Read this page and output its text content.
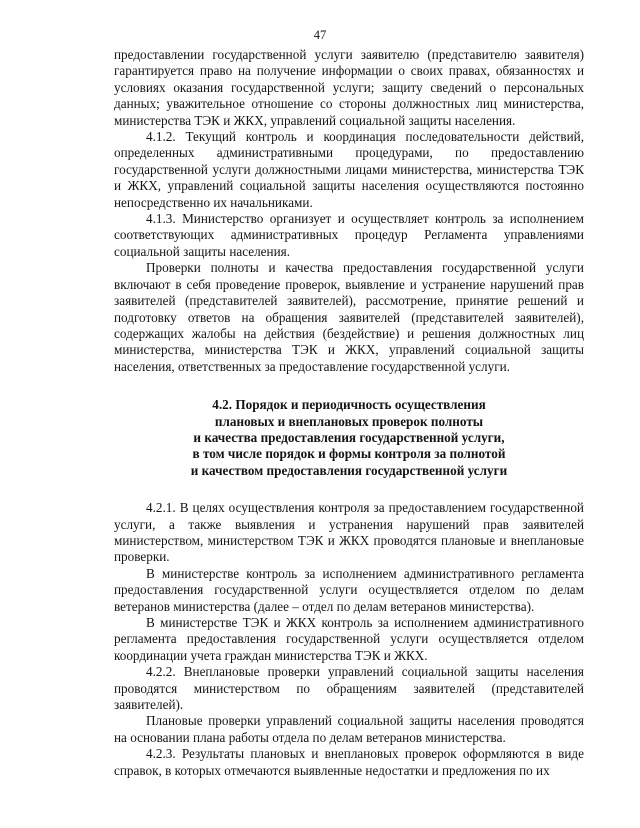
47

предоставлении государственной услуги заявителю (представителю заявителя) гарантируется право на получение информации о своих правах, обязанностях и условиях оказания государственной услуги; защиту сведений о персональных данных; уважительное отношение со стороны должностных лиц министерства, министерства ТЭК и ЖКХ, управлений социальной защиты населения.

4.1.2. Текущий контроль и координация последовательности действий, определенных административными процедурами, по предоставлению государственной услуги должностными лицами министерства, министерства ТЭК и ЖКХ, управлений социальной защиты населения осуществляются постоянно непосредственно их начальниками.

4.1.3. Министерство организует и осуществляет контроль за исполнением соответствующих административных процедур Регламента управлениями социальной защиты населения.

Проверки полноты и качества предоставления государственной услуги включают в себя проведение проверок, выявление и устранение нарушений прав заявителей (представителей заявителей), рассмотрение, принятие решений и подготовку ответов на обращения заявителей (представителей заявителей), содержащих жалобы на действия (бездействие) и решения должностных лиц министерства, министерства ТЭК и ЖКХ, управлений социальной защиты населения, ответственных за предоставление государственной услуги.

4.2. Порядок и периодичность осуществления
плановых и внеплановых проверок полноты
и качества предоставления государственной услуги,
в том числе порядок и формы контроля за полнотой
и качеством предоставления государственной услуги

4.2.1. В целях осуществления контроля за предоставлением государственной услуги, а также выявления и устранения нарушений прав заявителей министерством, министерством ТЭК и ЖКХ проводятся плановые и внеплановые проверки.

В министерстве контроль за исполнением административного регламента предоставления государственной услуги осуществляется отделом по делам ветеранов министерства (далее – отдел по делам ветеранов министерства).

В министерстве ТЭК и ЖКХ контроль за исполнением административного регламента предоставления государственной услуги осуществляется отделом координации учета граждан министерства ТЭК и ЖКХ.

4.2.2. Внеплановые проверки управлений социальной защиты населения проводятся министерством по обращениям заявителей (представителей заявителей).

Плановые проверки управлений социальной защиты населения проводятся на основании плана работы отдела по делам ветеранов министерства.

4.2.3. Результаты плановых и внеплановых проверок оформляются в виде справок, в которых отмечаются выявленные недостатки и предложения по их
